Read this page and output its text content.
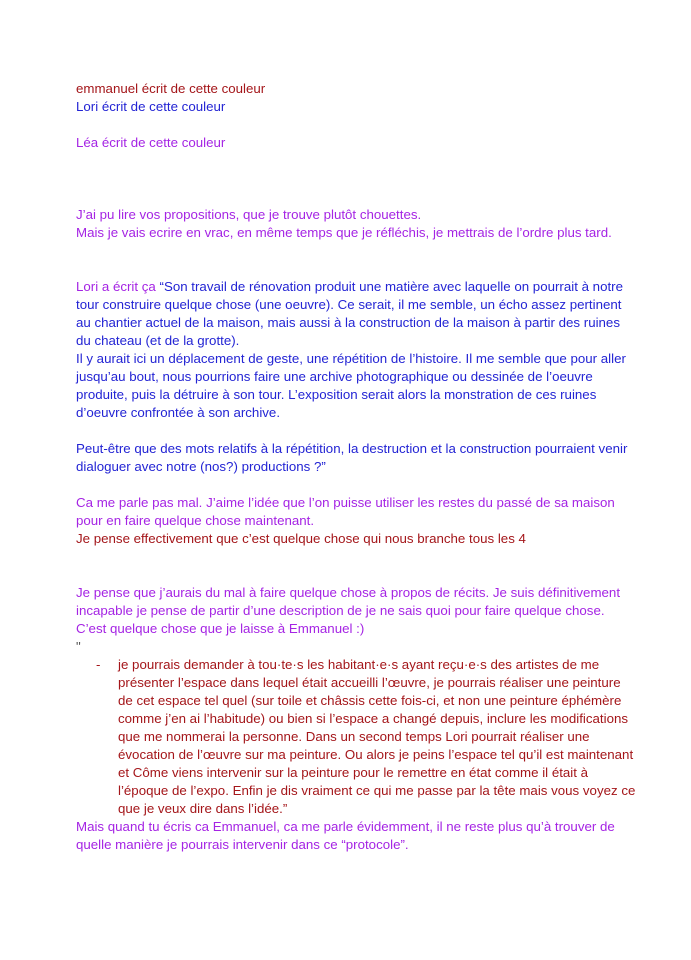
emmanuel écrit de cette couleur

Lori écrit de cette couleur

Léa écrit de cette couleur

J’ai pu lire vos propositions, que je trouve plutôt chouettes.

Mais je vais ecrire en vrac, en même temps que je réfléchis, je mettrais de l’ordre plus tard.

Lori a écrit ça “Son travail de rénovation produit une matière avec laquelle on pourrait à notre tour construire quelque chose (une oeuvre). Ce serait, il me semble, un écho assez pertinent au chantier actuel de la maison, mais aussi à la construction de la maison à partir des ruines du chateau (et de la grotte).

Il y aurait ici un déplacement de geste, une répétition de l’histoire. Il me semble que pour aller jusqu’au bout, nous pourrions faire une archive photographique ou dessinée de l’oeuvre produite, puis la détruire à son tour. L’exposition serait alors la monstration de ces ruines d’oeuvre confrontée à son archive.

Peut-être que des mots relatifs à la répétition, la destruction et la construction pourraient venir dialoguer avec notre (nos?) productions ?”

Ca me parle pas mal. J’aime l’idée que l’on puisse utiliser les restes du passé de sa maison pour en faire quelque chose maintenant.

Je pense effectivement que c’est quelque chose qui nous branche tous les 4

Je pense que j’aurais du mal à faire quelque chose à propos de récits. Je suis définitivement incapable je pense de partir d’une description de je ne sais quoi pour faire quelque chose. C’est quelque chose que je laisse à Emmanuel :)

"

- je pourrais demander à tou·te·s les habitant·e·s ayant reçu·e·s des artistes de me présenter l’espace dans lequel était accueilli l’œuvre, je pourrais réaliser une peinture de cet espace tel quel (sur toile et châssis cette fois-ci, et non une peinture éphémère comme j’en ai l’habitude) ou bien si l’espace a changé depuis, inclure les modifications que me nommerai la personne. Dans un second temps Lori pourrait réaliser une évocation de l’œuvre sur ma peinture. Ou alors je peins l’espace tel qu’il est maintenant et Côme viens intervenir sur la peinture pour le remettre en état comme il était à l’époque de l’expo. Enfin je dis vraiment ce qui me passe par la tête mais vous voyez ce que je veux dire dans l’idée.”

Mais quand tu écris ca Emmanuel, ca me parle évidemment, il ne reste plus qu’à trouver de quelle manière je pourrais intervenir dans ce “protocole”.
